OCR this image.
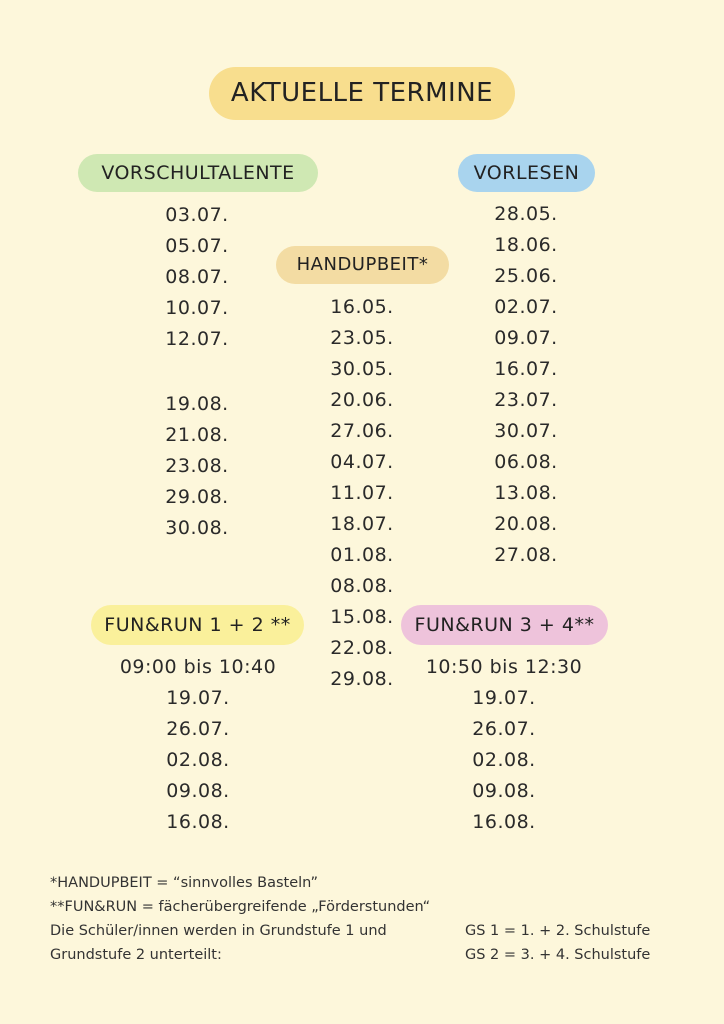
AKTUELLE TERMINE
VORSCHULTALENTE	VORLESEN
HANDUPBEIT*
FUN&RUN 1 + 2 **	FUN&RUN 3 + 4**
03.07.
05.07.
08.07.
10.07.
12.07.
19.08.
21.08.
23.08.
29.08.
30.08.
28.05.
18.06.
25.06.
02.07.
09.07.
16.07.
23.07.
30.07.
06.08.
13.08.
20.08.
27.08.
16.05.
23.05.
30.05.
20.06.
27.06.
04.07.
11.07.
18.07.
01.08.
08.08.
15.08.
22.08.
29.08.
09:00 bis 10:40
19.07.
26.07.
02.08.
09.08.
16.08.
10:50 bis 12:30
19.07.
26.07.
02.08.
09.08.
16.08.
*HANDUPBEIT = “sinnvolles Basteln”
**FUN&RUN = fächerübergreifende „Förderstunden“
Die Schüler/innen werden in Grundstufe 1 und
Grundstufe 2 unterteilt:
GS 1 = 1. + 2. Schulstufe
GS 2 = 3. + 4. Schulstufe
